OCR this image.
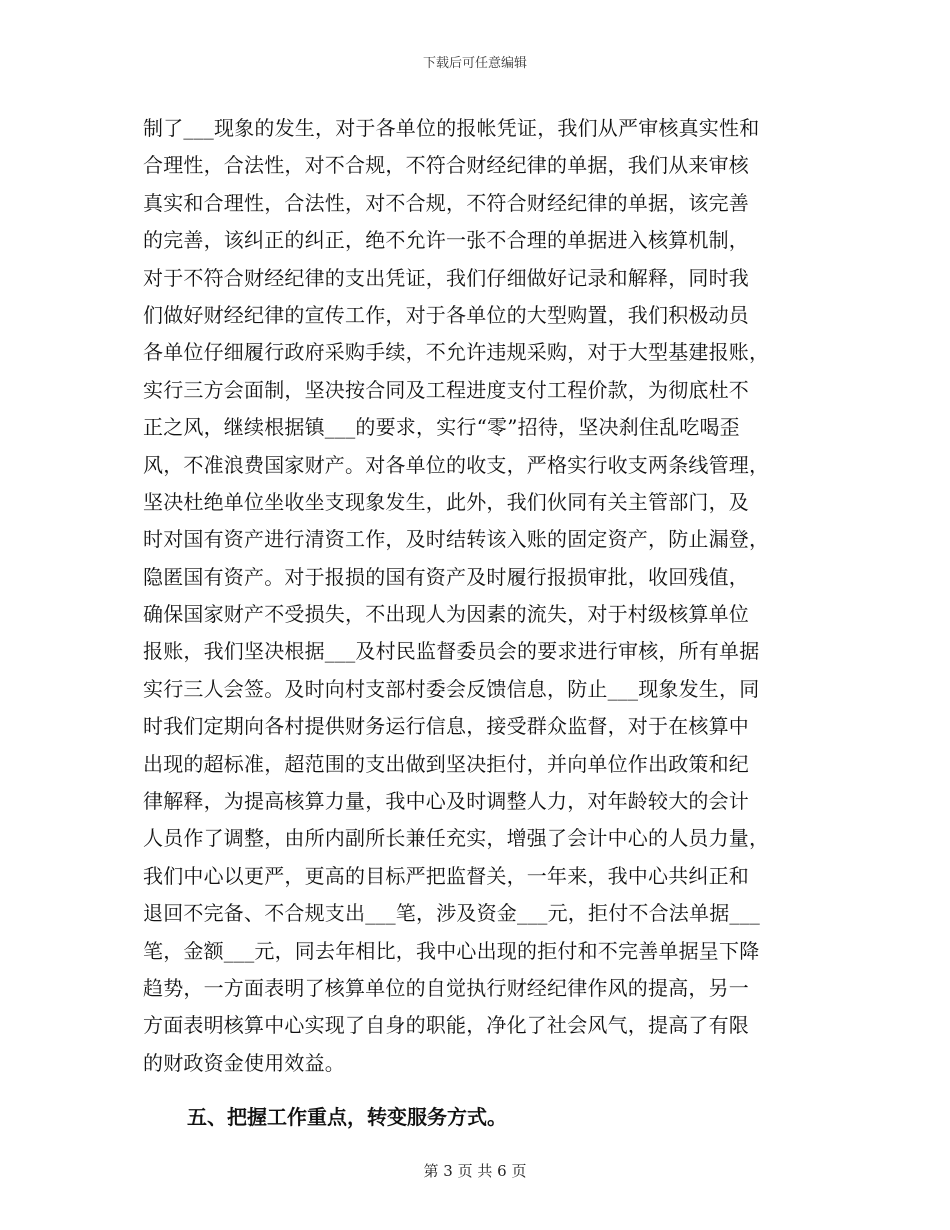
下载后可任意编辑
制了___现象的发生，对于各单位的报帐凭证，我们从严审核真实性和
合理性，合法性，对不合规，不符合财经纪律的单据，我们从来审核
真实和合理性，合法性，对不合规，不符合财经纪律的单据，该完善
的完善，该纠正的纠正，绝不允许一张不合理的单据进入核算机制，
对于不符合财经纪律的支出凭证，我们仔细做好记录和解释，同时我
们做好财经纪律的宣传工作，对于各单位的大型购置，我们积极动员
各单位仔细履行政府采购手续，不允许违规采购，对于大型基建报账，
实行三方会面制，坚决按合同及工程进度支付工程价款，为彻底杜不
正之风，继续根据镇___的要求，实行“零”招待，坚决刹住乱吃喝歪
风，不准浪费国家财产。对各单位的收支，严格实行收支两条线管理，
坚决杜绝单位坐收坐支现象发生，此外，我们伙同有关主管部门，及
时对国有资产进行清资工作，及时结转该入账的固定资产，防止漏登，
隐匿国有资产。对于报损的国有资产及时履行报损审批，收回残值，
确保国家财产不受损失，不出现人为因素的流失，对于村级核算单位
报账，我们坚决根据___及村民监督委员会的要求进行审核，所有单据
实行三人会签。及时向村支部村委会反馈信息，防止___现象发生，同
时我们定期向各村提供财务运行信息，接受群众监督，对于在核算中
出现的超标准，超范围的支出做到坚决拒付，并向单位作出政策和纪
律解释，为提高核算力量，我中心及时调整人力，对年龄较大的会计
人员作了调整，由所内副所长兼任充实，增强了会计中心的人员力量，
我们中心以更严，更高的目标严把监督关，一年来，我中心共纠正和
退回不完备、不合规支出___笔，涉及资金___元，拒付不合法单据___
笔，金额___元，同去年相比，我中心出现的拒付和不完善单据呈下降
趋势，一方面表明了核算单位的自觉执行财经纪律作风的提高，另一
方面表明核算中心实现了自身的职能，净化了社会风气，提高了有限
的财政资金使用效益。
五、把握工作重点，转变服务方式。
第 3 页 共 6 页
